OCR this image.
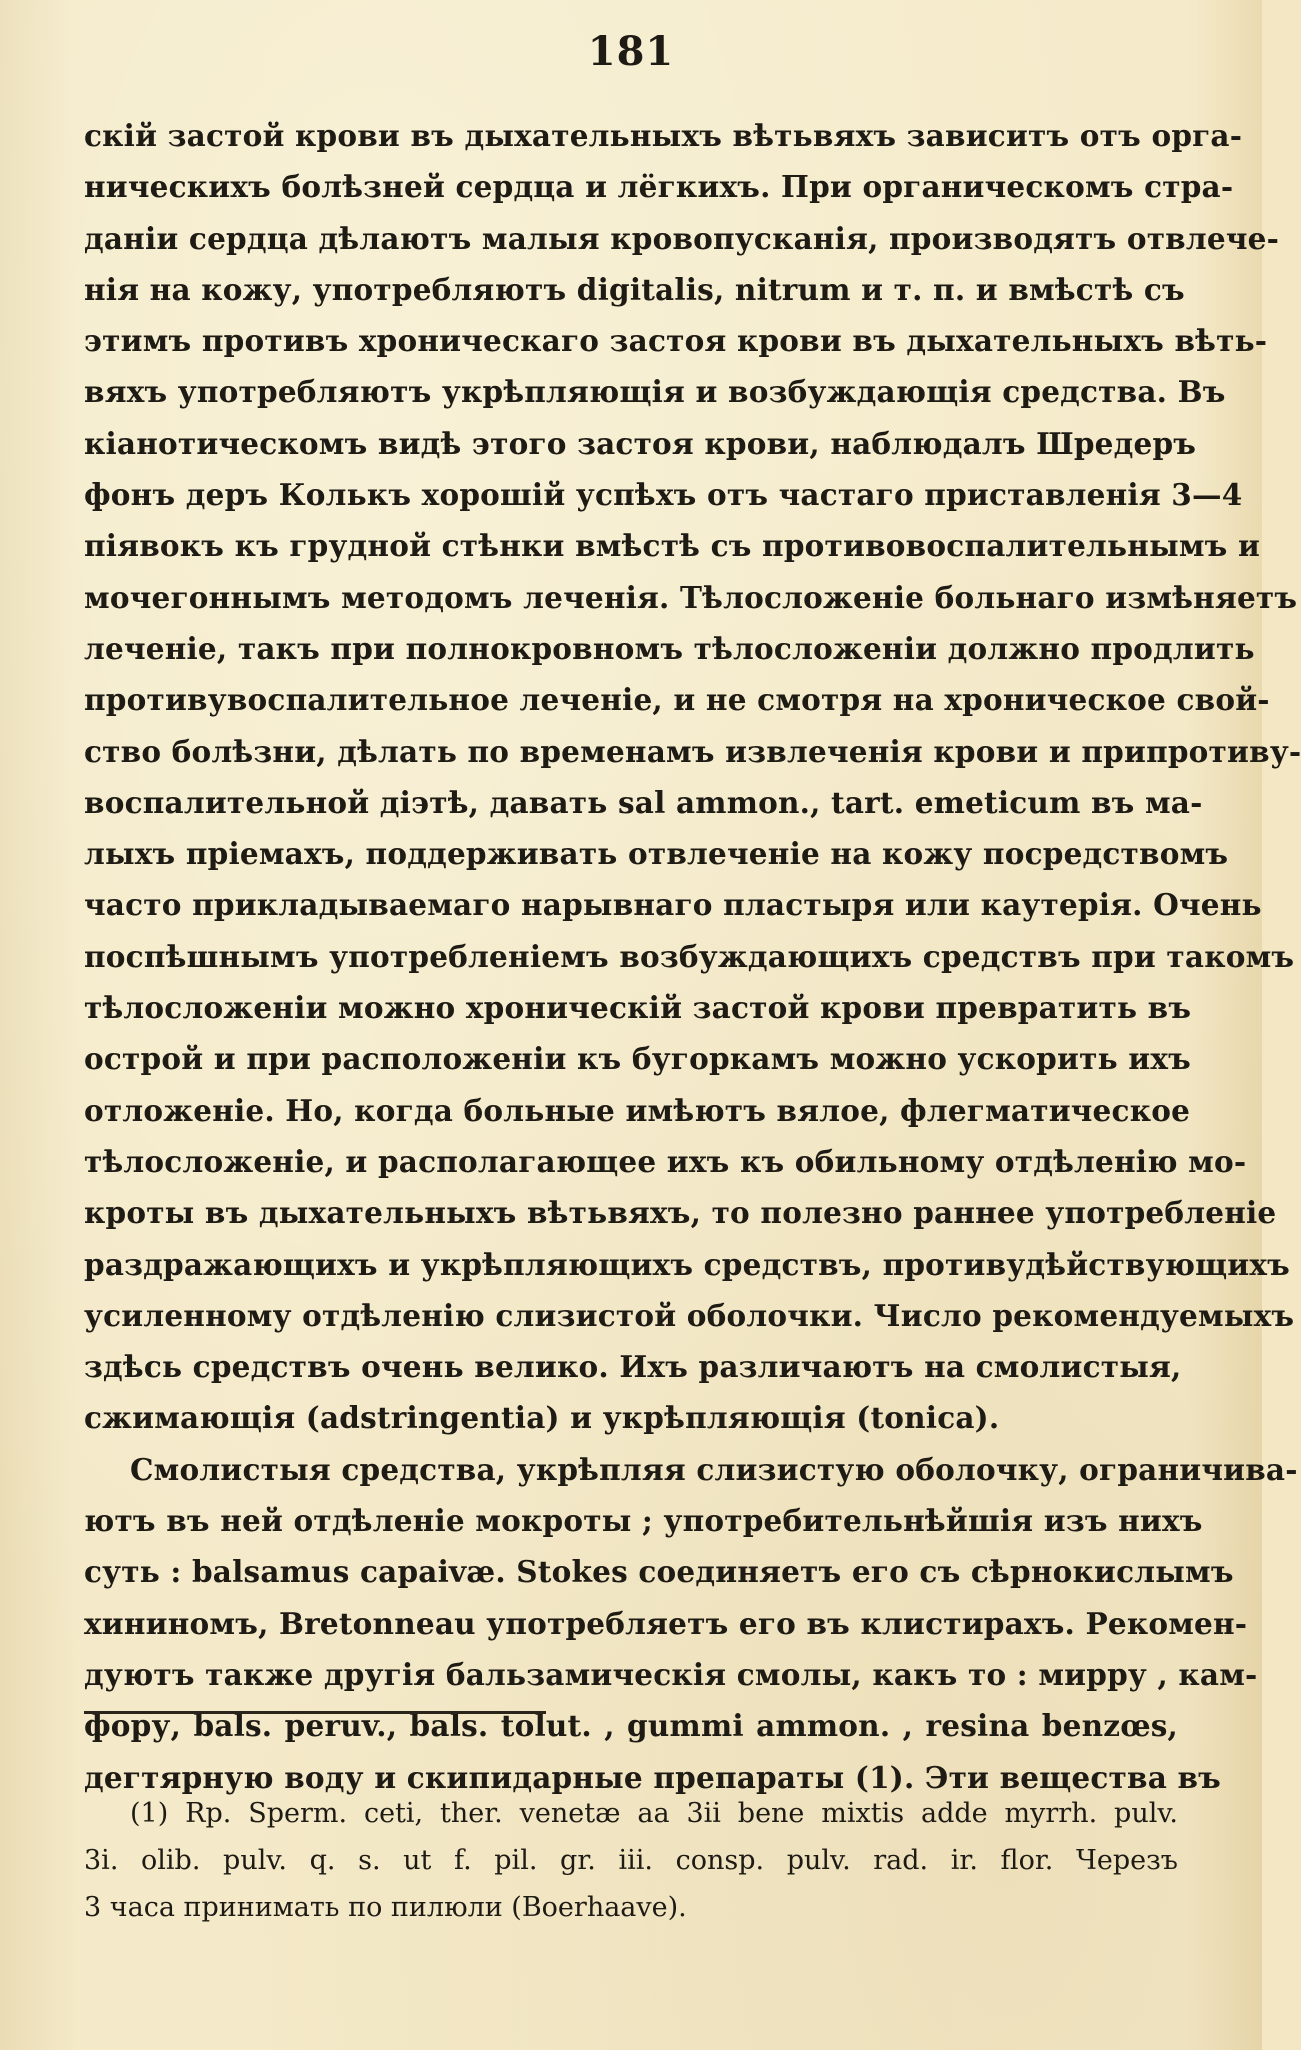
181
скій застой крови въ дыхательныхъ вѣтьвяхъ зависитъ отъ орга-
ническихъ болѣзней сердца и лёгкихъ. При органическомъ стра-
даніи сердца дѣлаютъ малыя кровопусканія, производятъ отвлече-
нія на кожу, употребляютъ digitalis, nitrum и т. п. и вмѣстѣ съ
этимъ противъ хроническаго застоя крови въ дыхательныхъ вѣть-
вяхъ употребляютъ укрѣпляющія и возбуждающія средства. Въ
кіанотическомъ видѣ этого застоя крови, наблюдалъ Шредеръ
фонъ деръ Колькъ хорошій успѣхъ отъ частаго приставленія 3—4
піявокъ къ грудной стѣнки вмѣстѣ съ противовоспалительнымъ и
мочегоннымъ методомъ леченія. Тѣлосложеніе больнаго измѣняетъ
леченіе, такъ при полнокровномъ тѣлосложеніи должно продлить
противувоспалительное леченіе, и не смотря на хроническое свой-
ство болѣзни, дѣлать по временамъ извлеченія крови и припротиву-
воспалительной діэтѣ, давать sal ammon., tart. emeticum въ ма-
лыхъ пріемахъ, поддерживать отвлеченіе на кожу посредствомъ
часто прикладываемаго нарывнаго пластыря или каутерія. Очень
поспѣшнымъ употребленіемъ возбуждающихъ средствъ при такомъ
тѣлосложеніи можно хроническій застой крови превратить въ
острой и при расположеніи къ бугоркамъ можно ускорить ихъ
отложеніе. Но, когда больные имѣютъ вялое, флегматическое
тѣлосложеніе, и располагающее ихъ къ обильному отдѣленію мо-
кроты въ дыхательныхъ вѣтьвяхъ, то полезно раннее употребленіе
раздражающихъ и укрѣпляющихъ средствъ, противудѣйствующихъ
усиленному отдѣленію слизистой оболочки. Число рекомендуемыхъ
здѣсь средствъ очень велико. Ихъ различаютъ на смолистыя,
сжимающія (adstringentia) и укрѣпляющія (tonica).
Смолистыя средства, укрѣпляя слизистую оболочку, ограничива-
ютъ въ ней отдѣленіе мокроты ; употребительнѣйшія изъ нихъ
суть : balsamus capaivæ. Stokes соединяетъ его съ сѣрнокислымъ
хининомъ, Bretonneau употребляетъ его въ клистирахъ. Рекомен-
дуютъ также другія бальзамическія смолы, какъ то : мирру , кам-
фору, bals. peruv., bals. tolut. , gummi ammon. , resina benzœs,
дегтярную воду и скипидарные препараты (1). Эти вещества въ
(1) Rp. Sperm. ceti, ther. venetæ aa 3ii bene mixtis adde myrrh. pulv.
3i. olib. pulv. q. s. ut f. pil. gr. iii. consp. pulv. rad. ir. flor. Черезъ
3 часа принимать по пилюли (Boerhaave).
